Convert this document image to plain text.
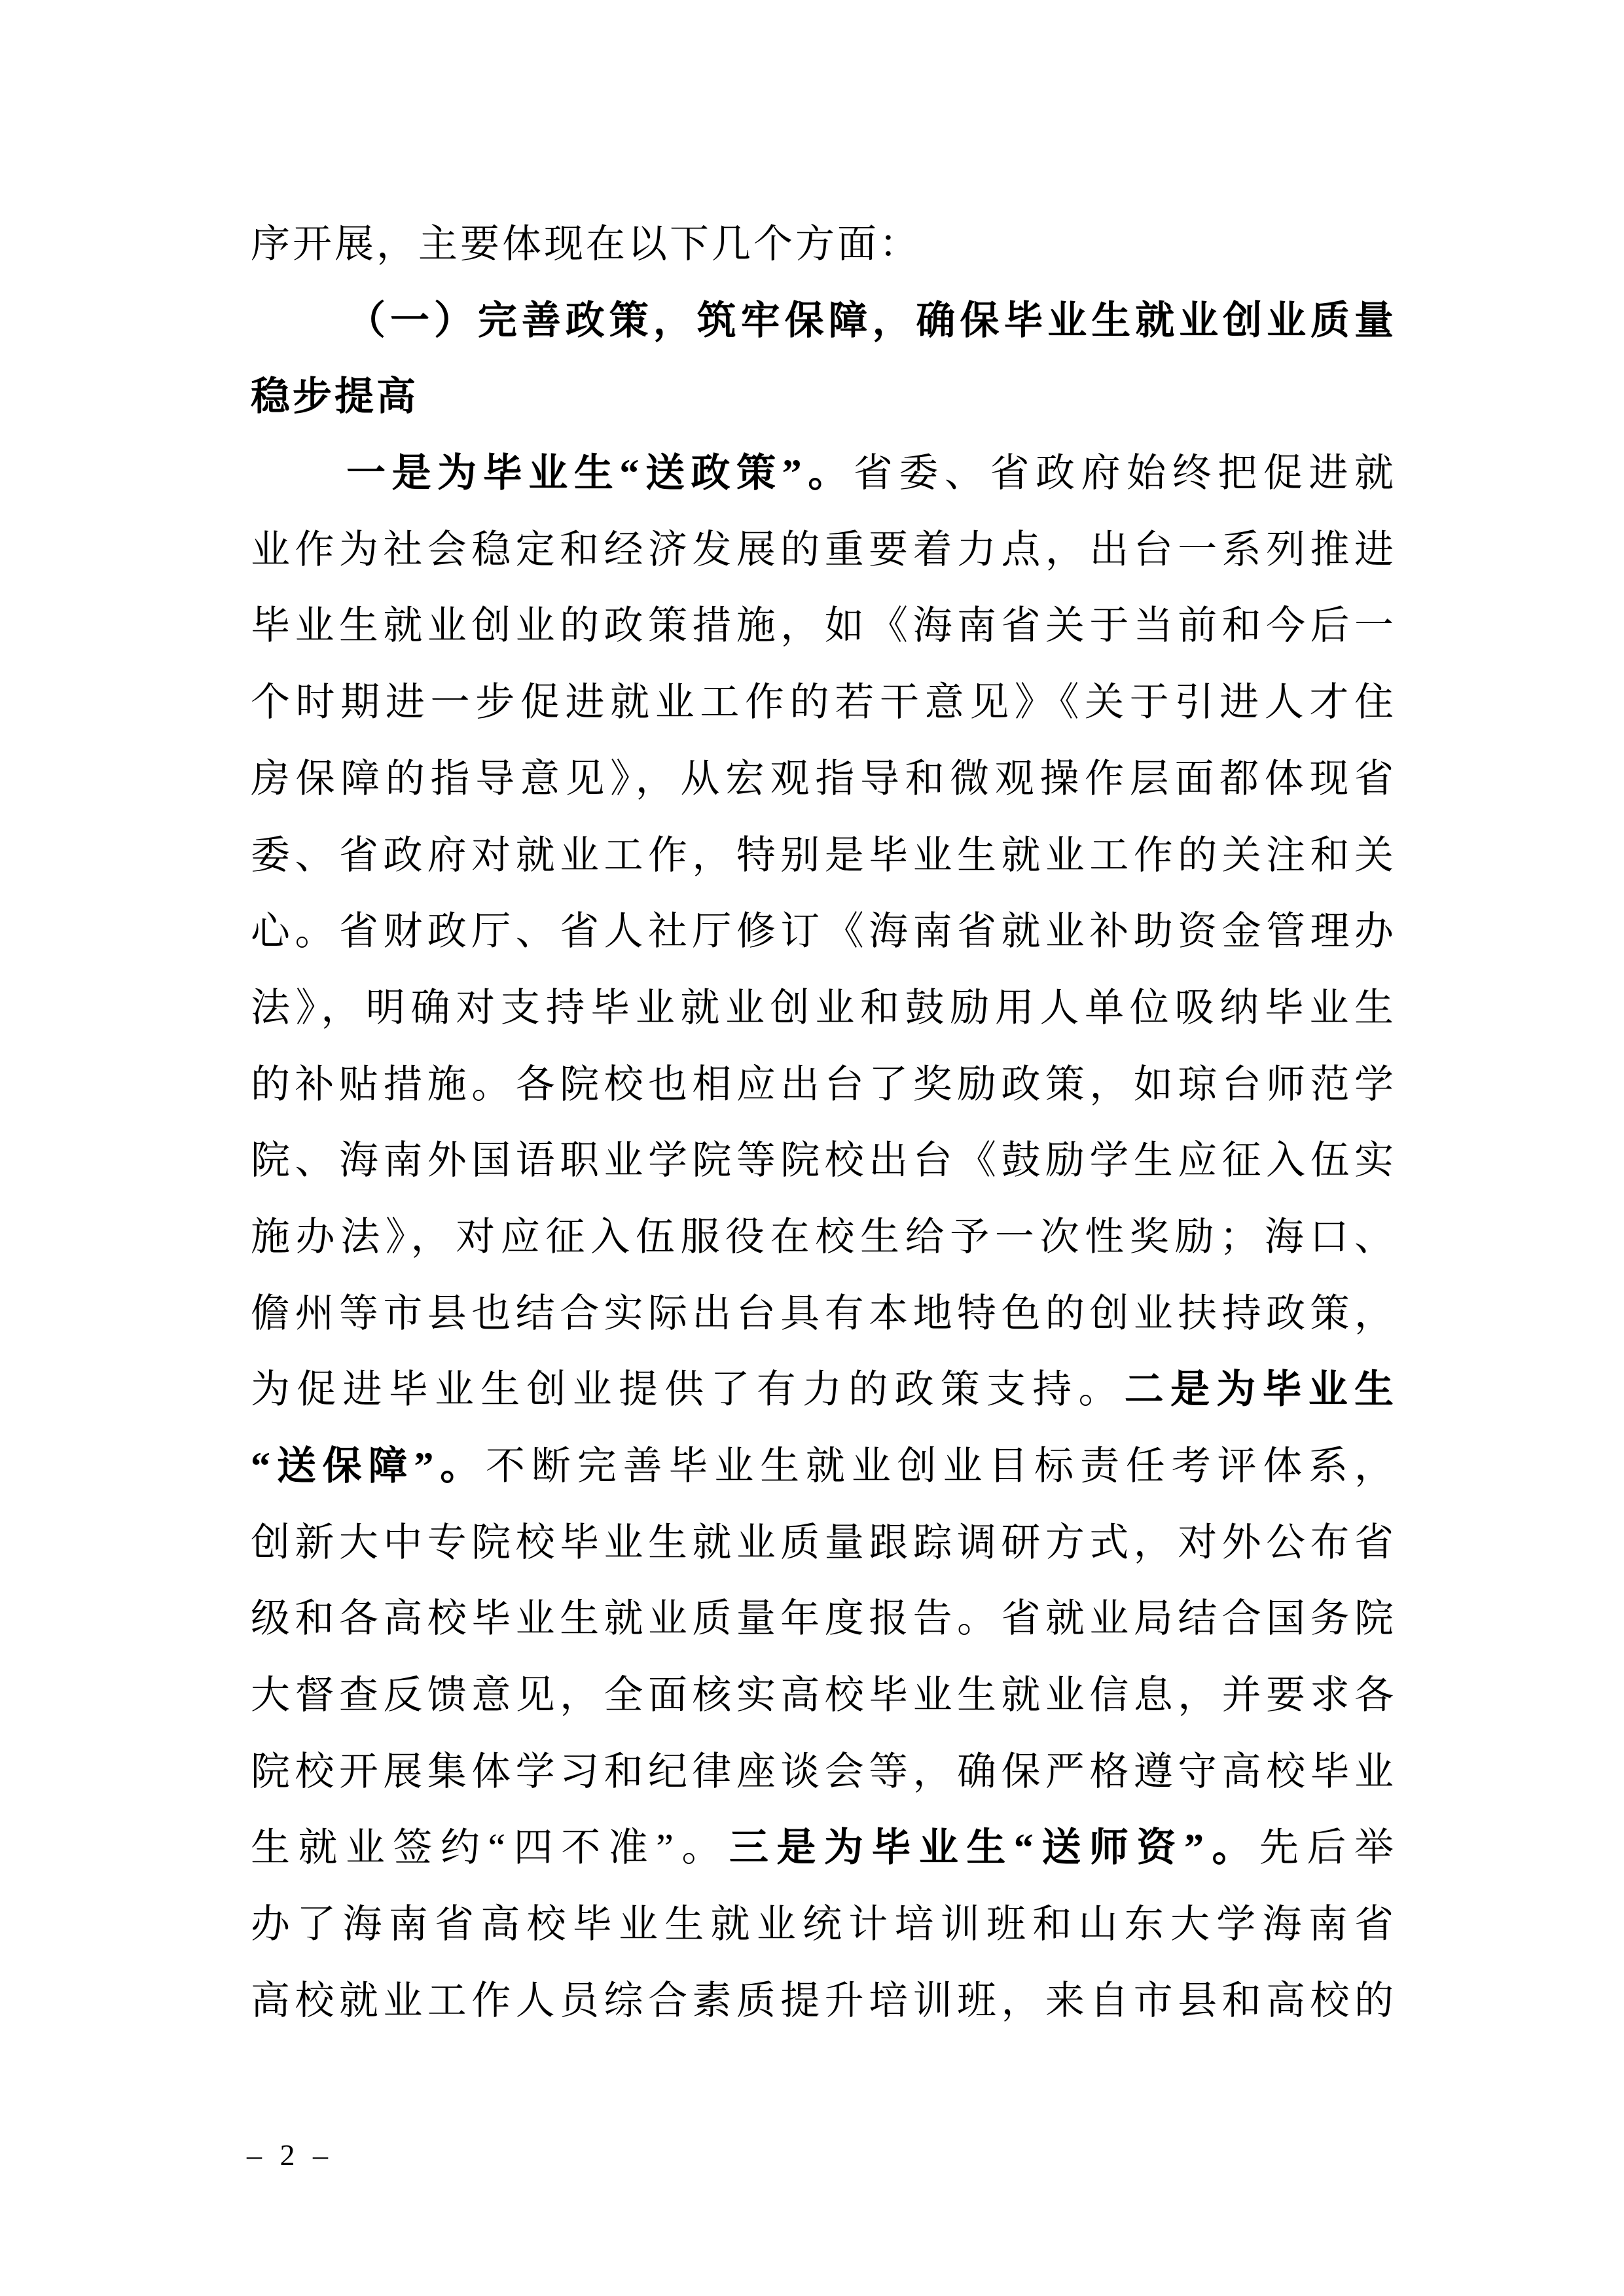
序开展，主要体现在以下几个方面：
（一）完善政策，筑牢保障，确保毕业生就业创业质量
稳步提高
一是为毕业生“送政策”。省委、省政府始终把促进就
业作为社会稳定和经济发展的重要着力点，出台一系列推进
毕业生就业创业的政策措施，如《海南省关于当前和今后一
个时期进一步促进就业工作的若干意见》《关于引进人才住
房保障的指导意见》，从宏观指导和微观操作层面都体现省
委、省政府对就业工作，特别是毕业生就业工作的关注和关
心。省财政厅、省人社厅修订《海南省就业补助资金管理办
法》，明确对支持毕业就业创业和鼓励用人单位吸纳毕业生
的补贴措施。各院校也相应出台了奖励政策，如琼台师范学
院、海南外国语职业学院等院校出台《鼓励学生应征入伍实
施办法》，对应征入伍服役在校生给予一次性奖励；海口、
儋州等市县也结合实际出台具有本地特色的创业扶持政策，
为促进毕业生创业提供了有力的政策支持。二是为毕业生
“送保障”。不断完善毕业生就业创业目标责任考评体系，
创新大中专院校毕业生就业质量跟踪调研方式，对外公布省
级和各高校毕业生就业质量年度报告。省就业局结合国务院
大督查反馈意见，全面核实高校毕业生就业信息，并要求各
院校开展集体学习和纪律座谈会等，确保严格遵守高校毕业
生就业签约“四不准”。三是为毕业生“送师资”。先后举
办了海南省高校毕业生就业统计培训班和山东大学海南省
高校就业工作人员综合素质提升培训班，来自市县和高校的
– 2 –
